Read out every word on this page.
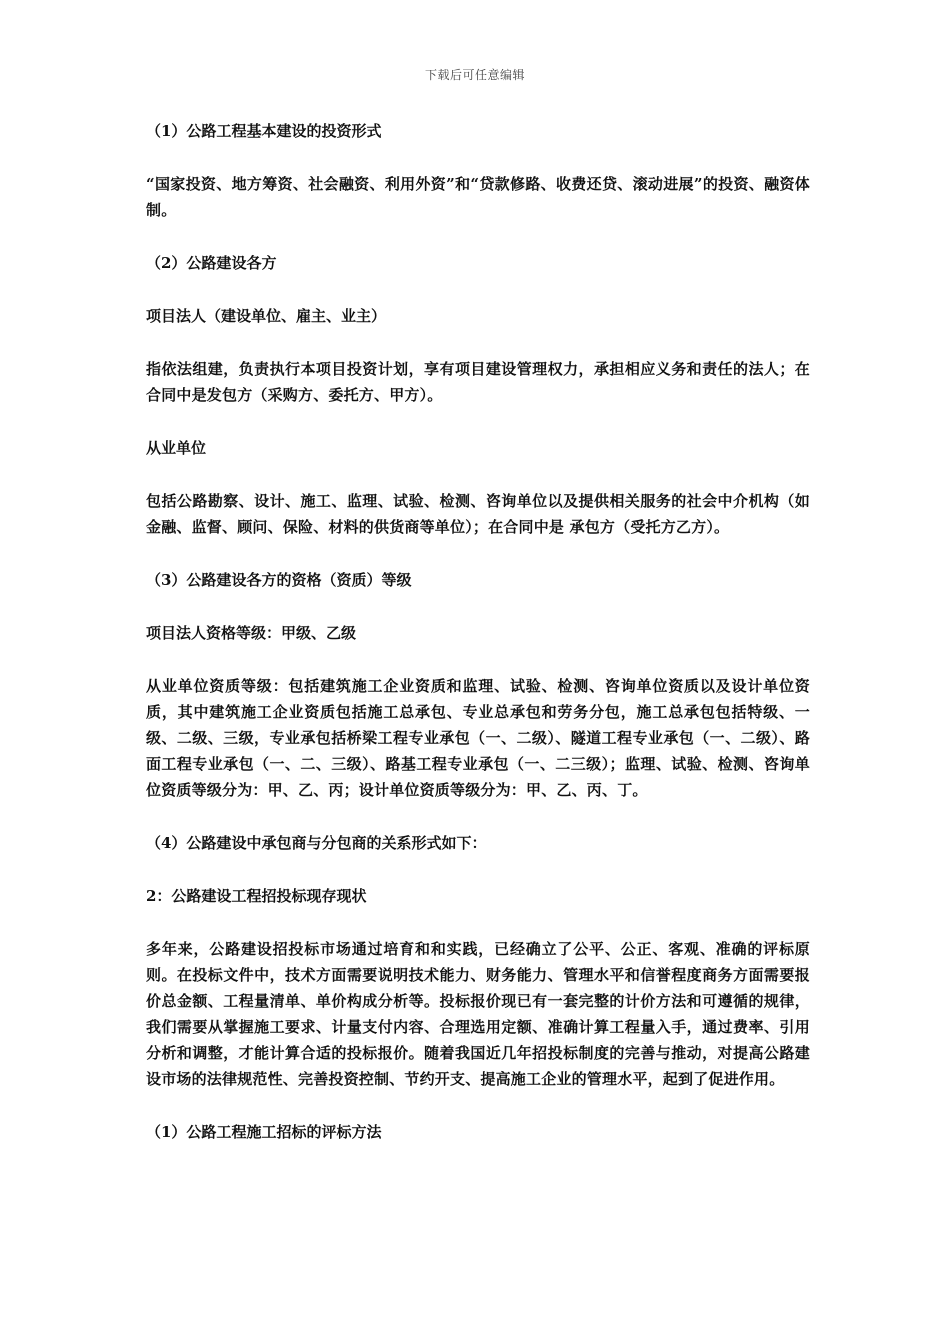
下载后可任意编辑

（1）公路工程基本建设的投资形式

“国家投资、地方筹资、社会融资、利用外资”和“贷款修路、收费还贷、滚动进展”的投资、融资体制。

（2）公路建设各方

项目法人（建设单位、雇主、业主）

指依法组建，负责执行本项目投资计划，享有项目建设管理权力，承担相应义务和责任的法人；在合同中是发包方（采购方、委托方、甲方）。

从业单位

包括公路勘察、设计、施工、监理、试验、检测、咨询单位以及提供相关服务的社会中介机构（如金融、监督、顾问、保险、材料的供货商等单位）；在合同中是 承包方（受托方乙方）。

（3）公路建设各方的资格（资质）等级

项目法人资格等级：甲级、乙级

从业单位资质等级：包括建筑施工企业资质和监理、试验、检测、咨询单位资质以及设计单位资质，其中建筑施工企业资质包括施工总承包、专业总承包和劳务分包，施工总承包包括特级、一级、二级、三级，专业承包括桥梁工程专业承包（一、二级）、隧道工程专业承包（一、二级）、路面工程专业承包（一、二、三级）、路基工程专业承包（一、二三级）；监理、试验、检测、咨询单位资质等级分为：甲、乙、丙；设计单位资质等级分为：甲、乙、丙、丁。

（4）公路建设中承包商与分包商的关系形式如下：

2：公路建设工程招投标现存现状

多年来，公路建设招投标市场通过培育和和实践，已经确立了公平、公正、客观、准确的评标原则。在投标文件中，技术方面需要说明技术能力、财务能力、管理水平和信誉程度商务方面需要报价总金额、工程量清单、单价构成分析等。投标报价现已有一套完整的计价方法和可遵循的规律，我们需要从掌握施工要求、计量支付内容、合理选用定额、准确计算工程量入手，通过费率、引用分析和调整，才能计算合适的投标报价。随着我国近几年招投标制度的完善与推动，对提高公路建设市场的法律规范性、完善投资控制、节约开支、提高施工企业的管理水平，起到了促进作用。

（1）公路工程施工招标的评标方法
